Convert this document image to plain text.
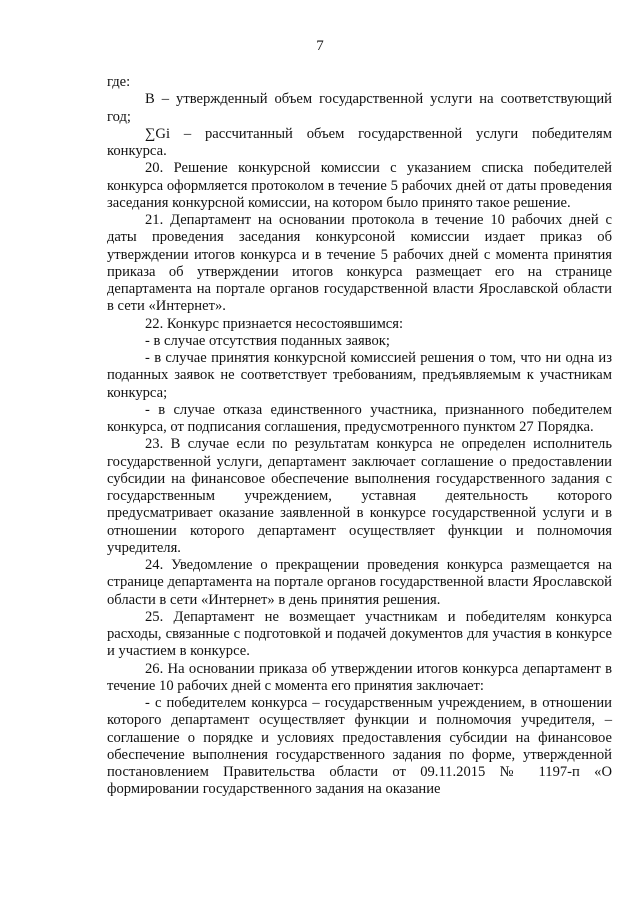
7

где:

B – утвержденный объем государственной услуги на соответствующий год;

∑Gi – рассчитанный объем государственной услуги победителям конкурса.

20. Решение конкурсной комиссии с указанием списка победителей конкурса оформляется протоколом в течение 5 рабочих дней от даты проведения заседания конкурсной комиссии, на котором было принято такое решение.

21. Департамент на основании протокола в течение 10 рабочих дней с даты проведения заседания конкурсоной комиссии издает приказ об утверждении итогов конкурса и в течение 5 рабочих дней с момента принятия приказа об утверждении итогов конкурса размещает его на странице департамента на портале органов государственной власти Ярославской области в сети «Интернет».

22. Конкурс признается несостоявшимся:

- в случае отсутствия поданных заявок;

- в случае принятия конкурсной комиссией решения о том, что ни одна из поданных заявок не соответствует требованиям, предъявляемым к участникам конкурса;

- в случае отказа единственного участника, признанного победителем конкурса, от подписания соглашения, предусмотренного пунктом 27 Порядка.

23. В случае если по результатам конкурса не определен исполнитель государственной услуги, департамент заключает соглашение о предоставлении субсидии на финансовое обеспечение выполнения государственного задания с государственным учреждением, уставная деятельность которого предусматривает оказание заявленной в конкурсе государственной услуги и в отношении которого департамент осуществляет функции и полномочия учредителя.

24. Уведомление о прекращении проведения конкурса размещается на странице департамента на портале органов государственной власти Ярославской области в сети «Интернет» в день принятия решения.

25. Департамент не возмещает участникам и победителям конкурса расходы, связанные с подготовкой и подачей документов для участия в конкурсе и участием в конкурсе.

26. На основании приказа об утверждении итогов конкурса департамент в течение 10 рабочих дней с момента его принятия заключает:

- с победителем конкурса – государственным учреждением, в отношении которого департамент осуществляет функции и полномочия учредителя, – соглашение о порядке и условиях предоставления субсидии на финансовое обеспечение выполнения государственного задания по форме, утвержденной постановлением Правительства области от 09.11.2015 № 1197-п «О формировании государственного задания на оказание
